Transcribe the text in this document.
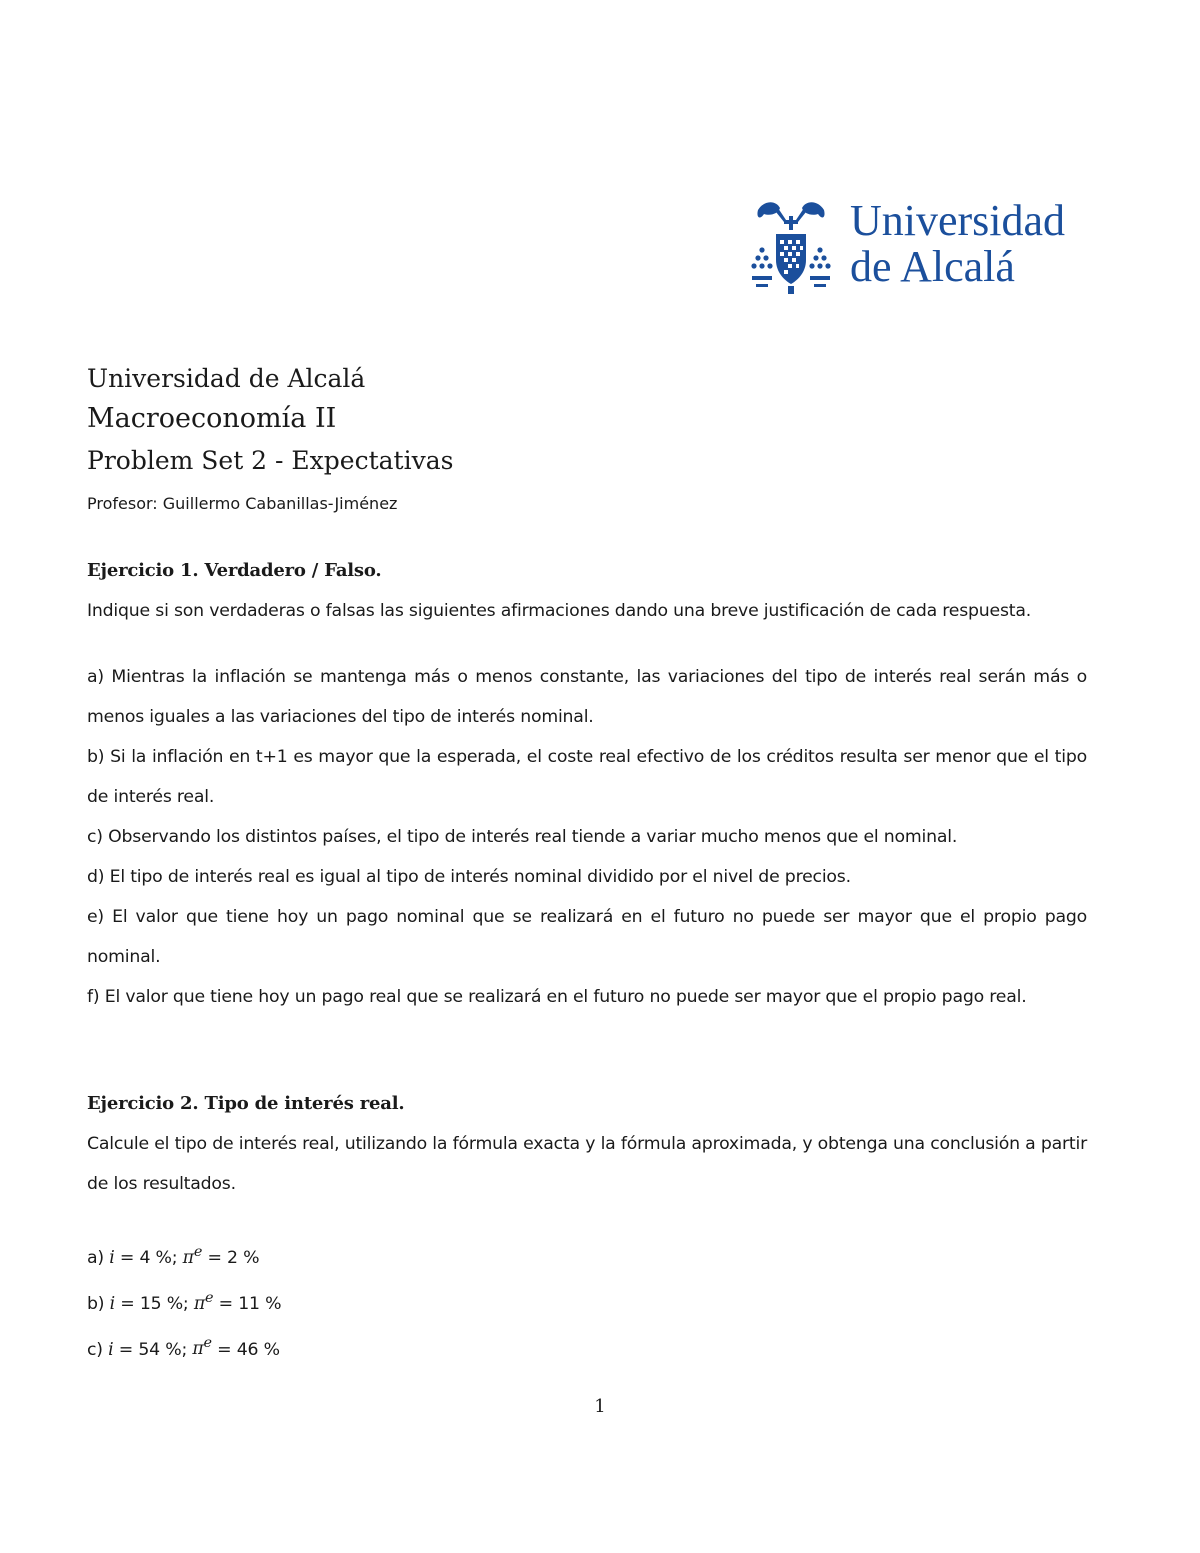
Universidad
de Alcalá
Universidad de Alcalá
Macroeconomía II
Problem Set 2 - Expectativas
Profesor: Guillermo Cabanillas-Jiménez

Ejercicio 1. Verdadero / Falso.

Indique si son verdaderas o falsas las siguientes afirmaciones dando una breve justificación de cada respuesta.

a) Mientras la inflación se mantenga más o menos constante, las variaciones del tipo de interés real serán más o menos iguales a las variaciones del tipo de interés nominal.

b) Si la inflación en t+1 es mayor que la esperada, el coste real efectivo de los créditos resulta ser menor que el tipo de interés real.

c) Observando los distintos países, el tipo de interés real tiende a variar mucho menos que el nominal.

d) El tipo de interés real es igual al tipo de interés nominal dividido por el nivel de precios.

e) El valor que tiene hoy un pago nominal que se realizará en el futuro no puede ser mayor que el propio pago nominal.

f) El valor que tiene hoy un pago real que se realizará en el futuro no puede ser mayor que el propio pago real.

Ejercicio 2. Tipo de interés real.

Calcule el tipo de interés real, utilizando la fórmula exacta y la fórmula aproximada, y obtenga una conclusión a partir de los resultados.

a) i = 4 %; $\pi^e = 2$ %

b) i = 15 %; $\pi^e = 11$ %

c) i = 54 %; $\pi^e = 46$ %

1
